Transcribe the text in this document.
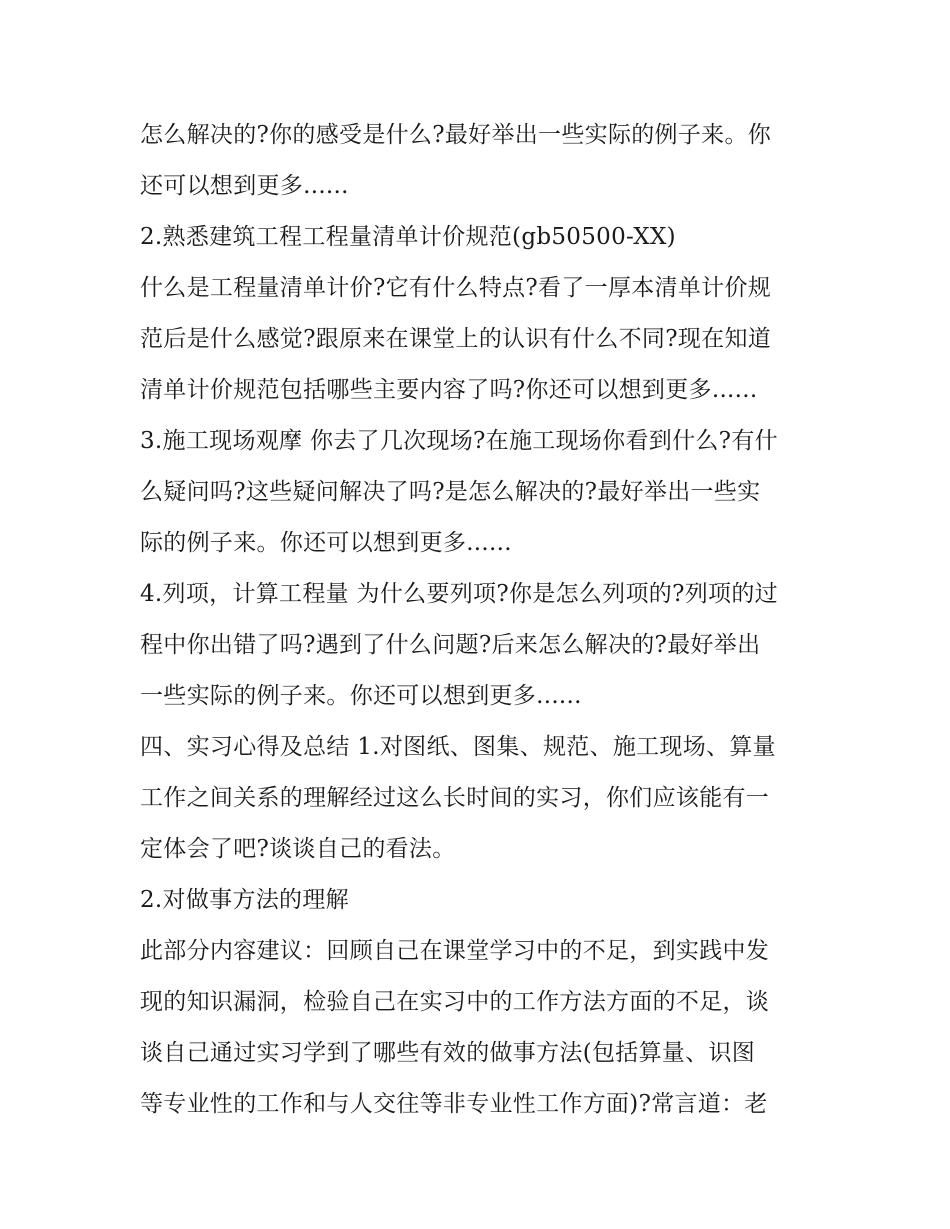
怎么解决的?你的感受是什么?最好举出一些实际的例子来。你
还可以想到更多......

2.熟悉建筑工程工程量清单计价规范(gb50500-XX)

什么是工程量清单计价?它有什么特点?看了一厚本清单计价规
范后是什么感觉?跟原来在课堂上的认识有什么不同?现在知道
清单计价规范包括哪些主要内容了吗?你还可以想到更多......

3.施工现场观摩 你去了几次现场?在施工现场你看到什么?有什
么疑问吗?这些疑问解决了吗?是怎么解决的?最好举出一些实
际的例子来。你还可以想到更多......

4.列项，计算工程量 为什么要列项?你是怎么列项的?列项的过
程中你出错了吗?遇到了什么问题?后来怎么解决的?最好举出
一些实际的例子来。你还可以想到更多......

四、实习心得及总结 1.对图纸、图集、规范、施工现场、算量
工作之间关系的理解经过这么长时间的实习，你们应该能有一
定体会了吧?谈谈自己的看法。

2.对做事方法的理解

此部分内容建议：回顾自己在课堂学习中的不足，到实践中发
现的知识漏洞，检验自己在实习中的工作方法方面的不足，谈
谈自己通过实习学到了哪些有效的做事方法(包括算量、识图
等专业性的工作和与人交往等非专业性工作方面)?常言道：老
